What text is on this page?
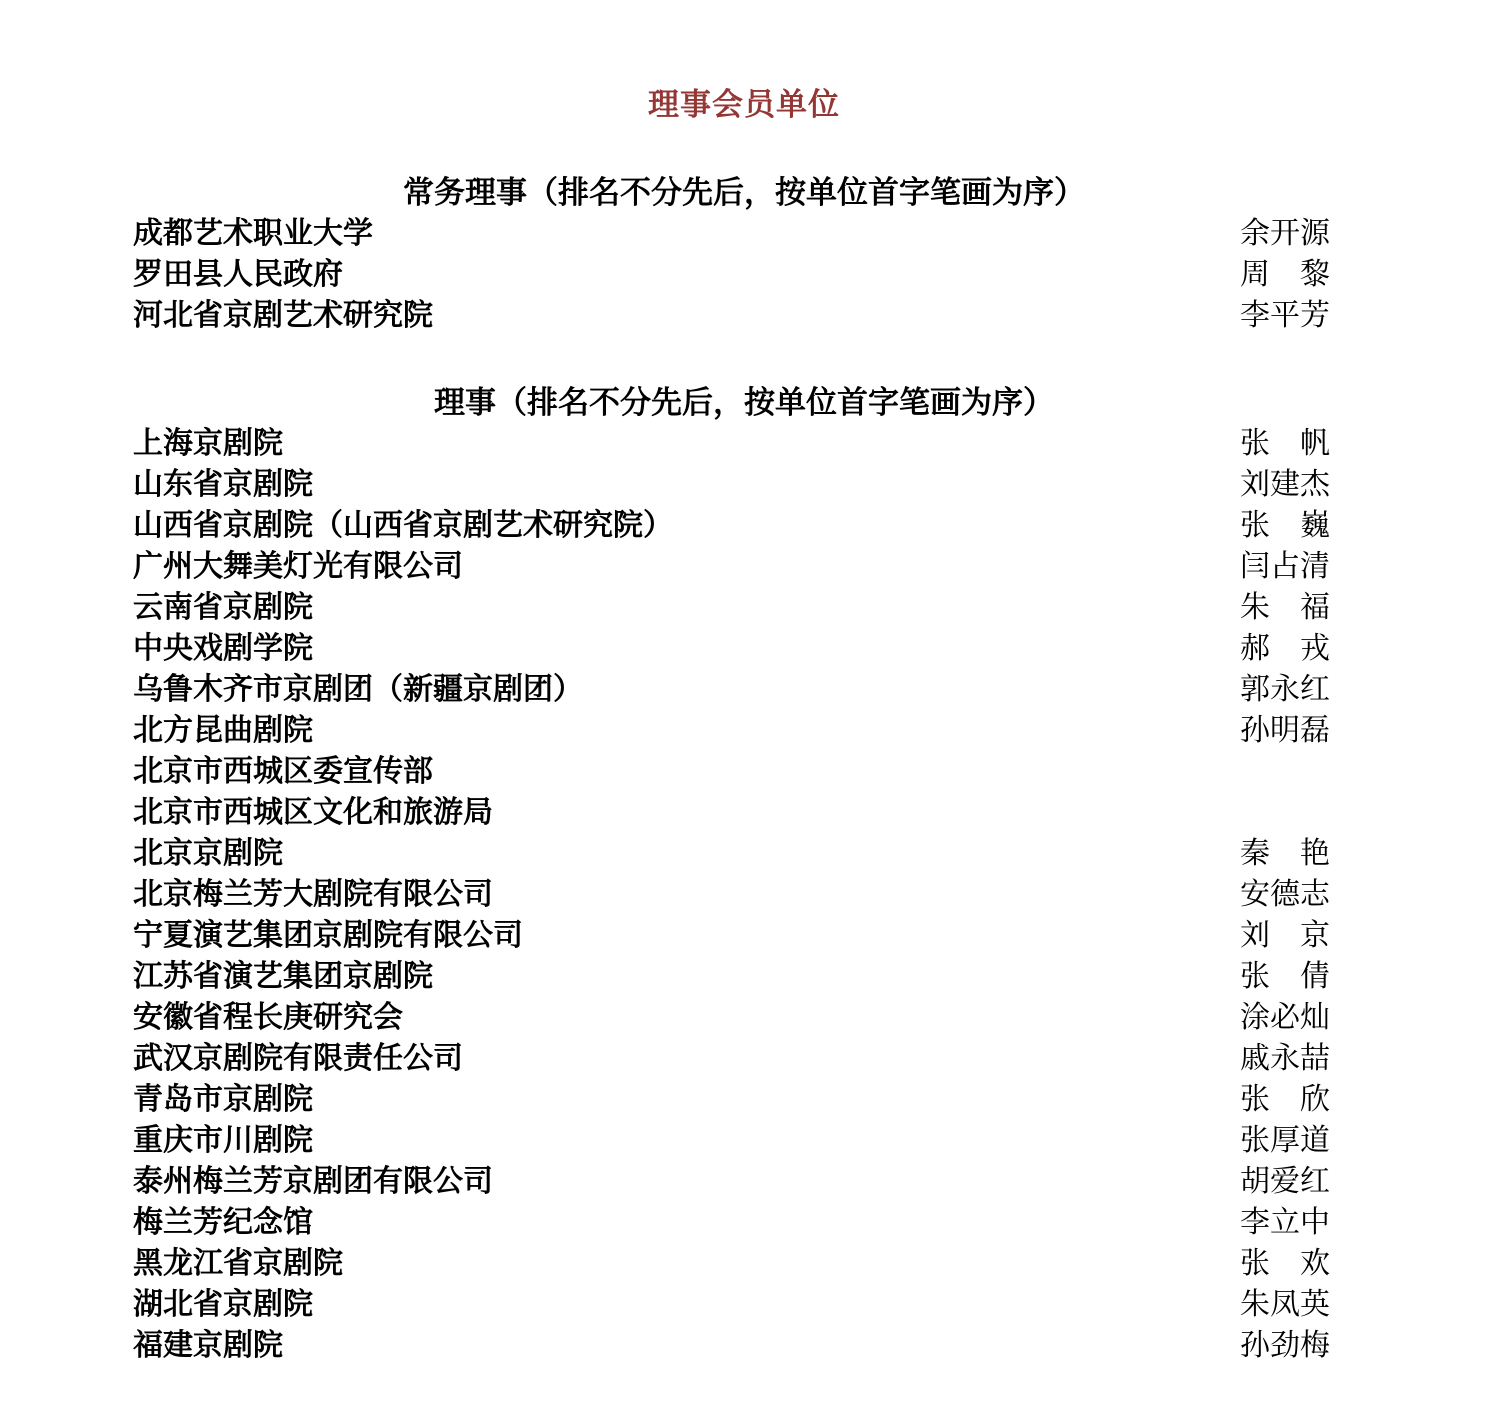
理事会员单位
常务理事（排名不分先后，按单位首字笔画为序）
成都艺术职业大学	余开源
罗田县人民政府	周　黎
河北省京剧艺术研究院	李平芳
理事（排名不分先后，按单位首字笔画为序）
上海京剧院	张　帆
山东省京剧院	刘建杰
山西省京剧院（山西省京剧艺术研究院）	张　巍
广州大舞美灯光有限公司	闫占清
云南省京剧院	朱　福
中央戏剧学院	郝　戎
乌鲁木齐市京剧团（新疆京剧团）	郭永红
北方昆曲剧院	孙明磊
北京市西城区委宣传部
北京市西城区文化和旅游局
北京京剧院	秦　艳
北京梅兰芳大剧院有限公司	安德志
宁夏演艺集团京剧院有限公司	刘　京
江苏省演艺集团京剧院	张　倩
安徽省程长庚研究会	涂必灿
武汉京剧院有限责任公司	戚永喆
青岛市京剧院	张　欣
重庆市川剧院	张厚道
泰州梅兰芳京剧团有限公司	胡爱红
梅兰芳纪念馆	李立中
黑龙江省京剧院	张　欢
湖北省京剧院	朱凤英
福建京剧院	孙劲梅
